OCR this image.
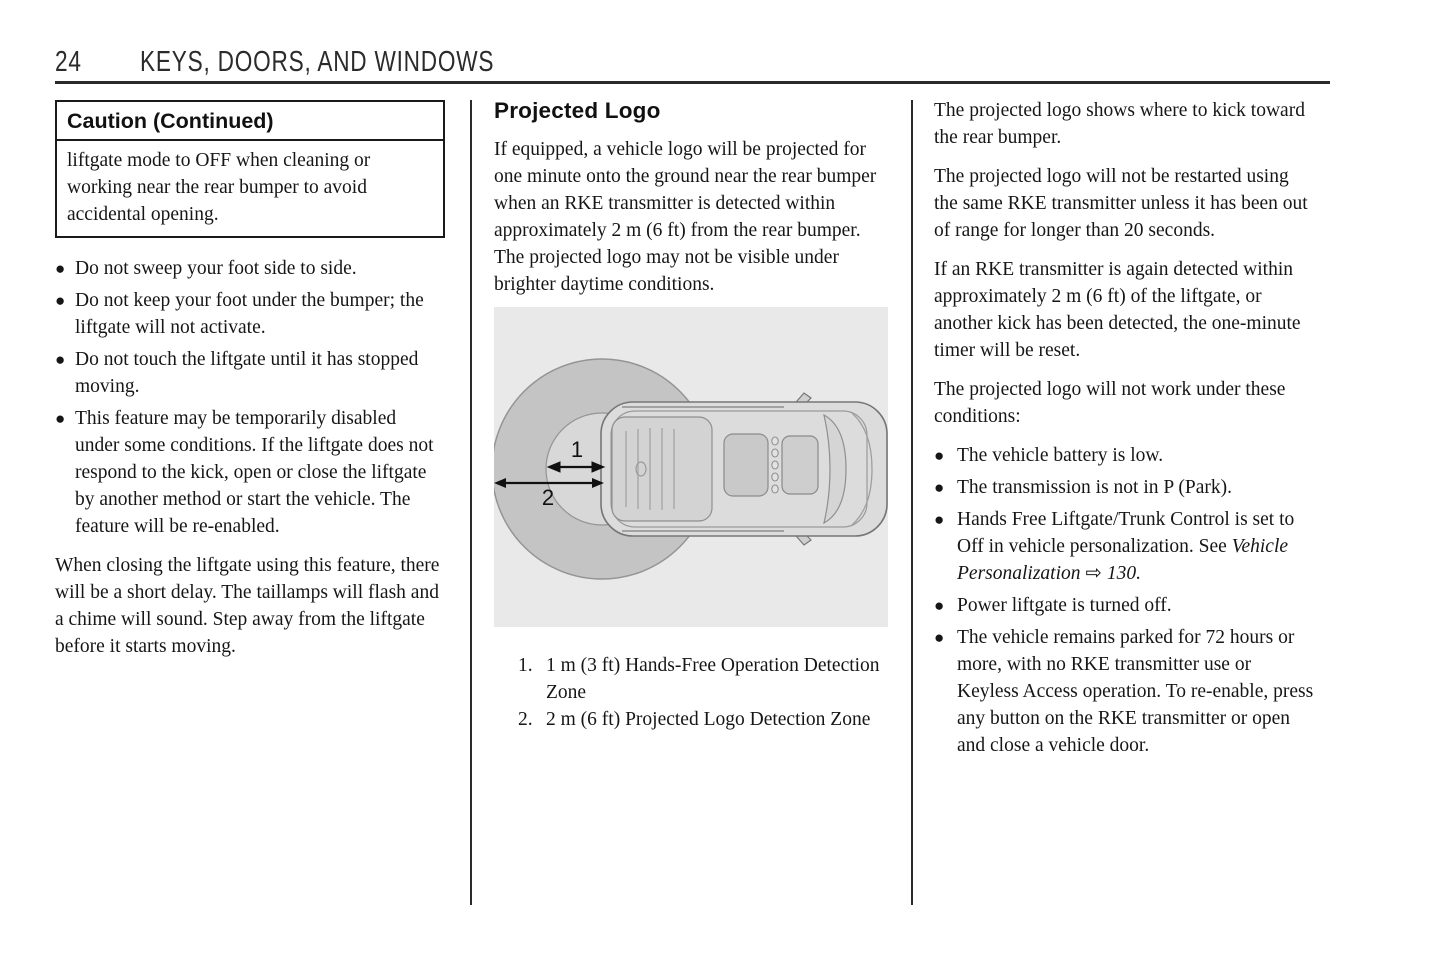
24 KEYS, DOORS, AND WINDOWS
Caution (Continued)
liftgate mode to OFF when cleaning or working near the rear bumper to avoid accidental opening.
● Do not sweep your foot side to side.
● Do not keep your foot under the bumper; the liftgate will not activate.
● Do not touch the liftgate until it has stopped moving.
● This feature may be temporarily disabled under some conditions. If the liftgate does not respond to the kick, open or close the liftgate by another method or start the vehicle. The feature will be re-enabled.
When closing the liftgate using this feature, there will be a short delay. The taillamps will flash and a chime will sound. Step away from the liftgate before it starts moving.
Projected Logo
If equipped, a vehicle logo will be projected for one minute onto the ground near the rear bumper when an RKE transmitter is detected within approximately 2 m (6 ft) from the rear bumper. The projected logo may not be visible under brighter daytime conditions.
1
2
1. 1 m (3 ft) Hands-Free Operation Detection Zone
2. 2 m (6 ft) Projected Logo Detection Zone
The projected logo shows where to kick toward the rear bumper.
The projected logo will not be restarted using the same RKE transmitter unless it has been out of range for longer than 20 seconds.
If an RKE transmitter is again detected within approximately 2 m (6 ft) of the liftgate, or another kick has been detected, the one-minute timer will be reset.
The projected logo will not work under these conditions:
● The vehicle battery is low.
● The transmission is not in P (Park).
● Hands Free Liftgate/Trunk Control is set to Off in vehicle personalization. See Vehicle Personalization ⇨ 130.
● Power liftgate is turned off.
● The vehicle remains parked for 72 hours or more, with no RKE transmitter use or Keyless Access operation. To re-enable, press any button on the RKE transmitter or open and close a vehicle door.
